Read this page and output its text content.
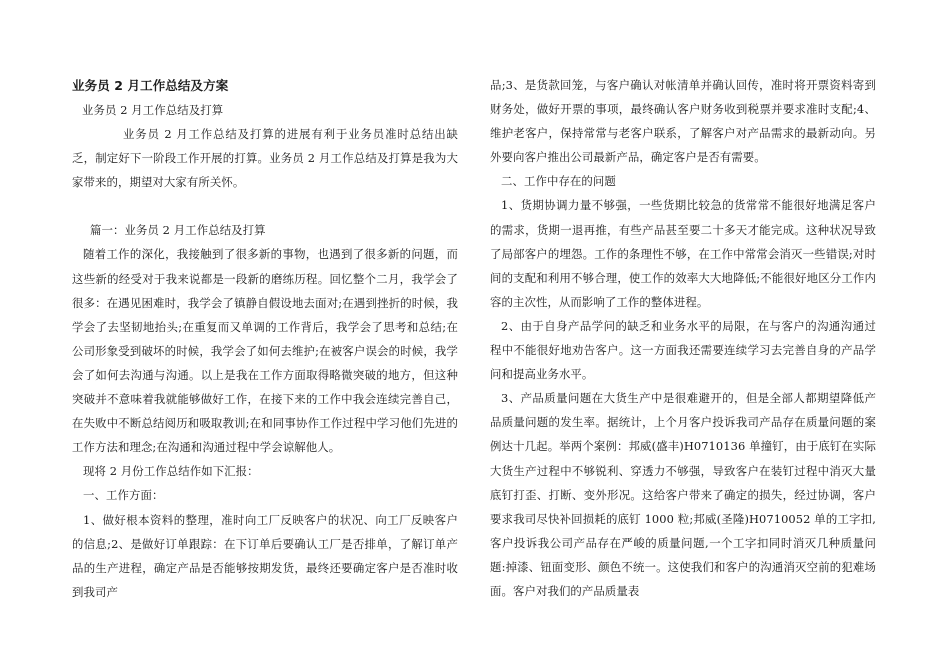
业务员 2 月工作总结及方案

业务员 2 月工作总结及打算

业务员 2 月工作总结及打算的进展有利于业务员准时总结出缺乏，制定好下一阶段工作开展的打算。业务员 2 月工作总结及打算是我为大家带来的，期望对大家有所关怀。

篇一：业务员 2 月工作总结及打算

随着工作的深化，我接触到了很多新的事物，也遇到了很多新的问题，而这些新的经受对于我来说都是一段新的磨练历程。回忆整个二月，我学会了很多：在遇见困难时，我学会了镇静自假设地去面对;在遇到挫折的时候，我学会了去坚韧地抬头;在重复而又单调的工作背后，我学会了思考和总结;在公司形象受到破坏的时候，我学会了如何去维护;在被客户误会的时候，我学会了如何去沟通与沟通。以上是我在工作方面取得略微突破的地方，但这种突破并不意味着我就能够做好工作，在接下来的工作中我会连续完善自己，在失败中不断总结阅历和吸取教训;在和同事协作工作过程中学习他们先进的工作方法和理念;在沟通和沟通过程中学会谅解他人。

现将 2 月份工作总结作如下汇报：

一、工作方面：

1、做好根本资料的整理，准时向工厂反映客户的状况、向工厂反映客户的信息;2、是做好订单跟踪：在下订单后要确认工厂是否排单，了解订单产品的生产进程，确定产品是否能够按期发货，最终还要确定客户是否准时收到我司产

品;3、是货款回笼，与客户确认对帐清单并确认回传，准时将开票资料寄到财务处，做好开票的事项，最终确认客户财务收到税票并要求准时支配;4、维护老客户，保持常常与老客户联系，了解客户对产品需求的最新动向。另外要向客户推出公司最新产品，确定客户是否有需要。

二、工作中存在的问题

1、货期协调力量不够强，一些货期比较急的货常常不能很好地满足客户的需求，货期一退再推，有些产品甚至要二十多天才能完成。这种状况导致了局部客户的埋怨。工作的条理性不够，在工作中常常会消灭一些错误;对时间的支配和利用不够合理，使工作的效率大大地降低;不能很好地区分工作内容的主次性，从而影响了工作的整体进程。

2、由于自身产品学问的缺乏和业务水平的局限，在与客户的沟通沟通过程中不能很好地劝告客户。这一方面我还需要连续学习去完善自身的产品学问和提高业务水平。

3、产品质量问题在大货生产中是很难避开的，但是全部人都期望降低产品质量问题的发生率。据统计，上个月客户投诉我司产品存在质量问题的案例达十几起。举两个案例：邦威(盛丰)H0710136 单撞钉，由于底钉在实际大货生产过程中不够锐利、穿透力不够强，导致客户在装钉过程中消灭大量底钉打歪、打断、变外形况。这给客户带来了确定的损失，经过协调，客户要求我司尽快补回损耗的底钉 1000 粒;邦威(圣隆)H0710052 单的工字扣,客户投诉我公司产品存在严峻的质量问题,一个工字扣同时消灭几种质量问题:掉漆、钮面变形、颜色不统一。这使我们和客户的沟通消灭空前的犯难场面。客户对我们的产品质量表
